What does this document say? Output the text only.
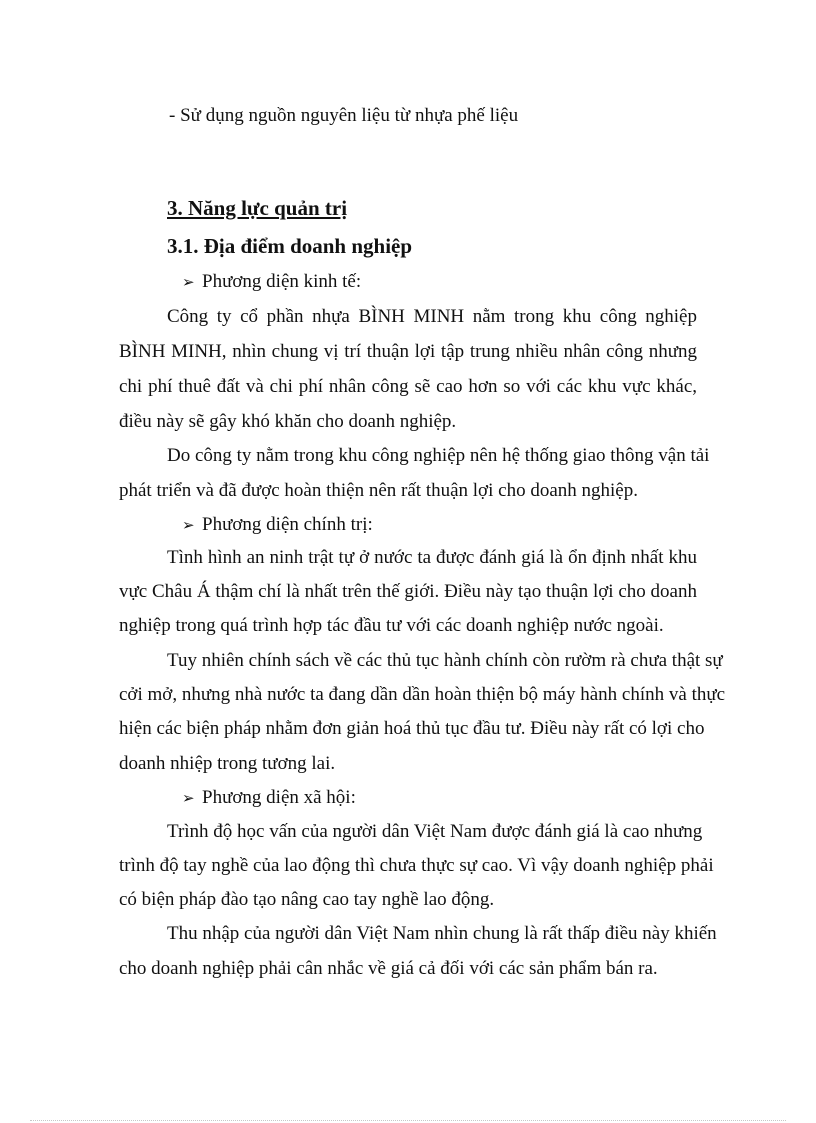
- Sử dụng nguồn nguyên liệu từ nhựa phế liệu
3. Năng lực quản trị
3.1. Địa điểm doanh nghiệp
➢ Phương diện kinh tế:
Công ty cổ phần nhựa BÌNH MINH nằm trong khu công nghiệp
BÌNH MINH, nhìn chung vị trí thuận lợi tập trung nhiều nhân công nhưng
chi phí thuê đất và chi phí nhân công sẽ cao hơn so với các khu vực khác,
điều này sẽ gây khó khăn cho doanh nghiệp.
Do công ty nằm trong khu công nghiệp nên hệ thống giao thông vận tải
phát triển và đã được hoàn thiện nên rất thuận lợi cho doanh nghiệp.
➢ Phương diện chính trị:
Tình hình an ninh trật tự ở nước ta được đánh giá là ổn định nhất khu
vực Châu Á thậm chí là nhất trên thế giới. Điều này tạo thuận lợi cho doanh
nghiệp trong quá trình hợp tác đầu tư với các doanh nghiệp nước ngoài.
Tuy nhiên chính sách về các thủ tục hành chính còn rườm rà chưa thật sự
cởi mở, nhưng nhà nước ta đang dần dần hoàn thiện bộ máy hành chính và thực
hiện các biện pháp nhằm đơn giản hoá thủ tục đầu tư. Điều này rất có lợi cho
doanh nhiệp trong tương lai.
➢ Phương diện xã hội:
Trình độ học vấn của người dân Việt Nam được đánh giá là cao nhưng
trình độ tay nghề của lao động thì chưa thực sự cao. Vì vậy doanh nghiệp phải
có biện pháp đào tạo nâng cao tay nghề lao động.
Thu nhập của người dân Việt Nam nhìn chung là rất thấp điều này khiến
cho doanh nghiệp phải cân nhắc về giá cả đối với các sản phẩm bán ra.
